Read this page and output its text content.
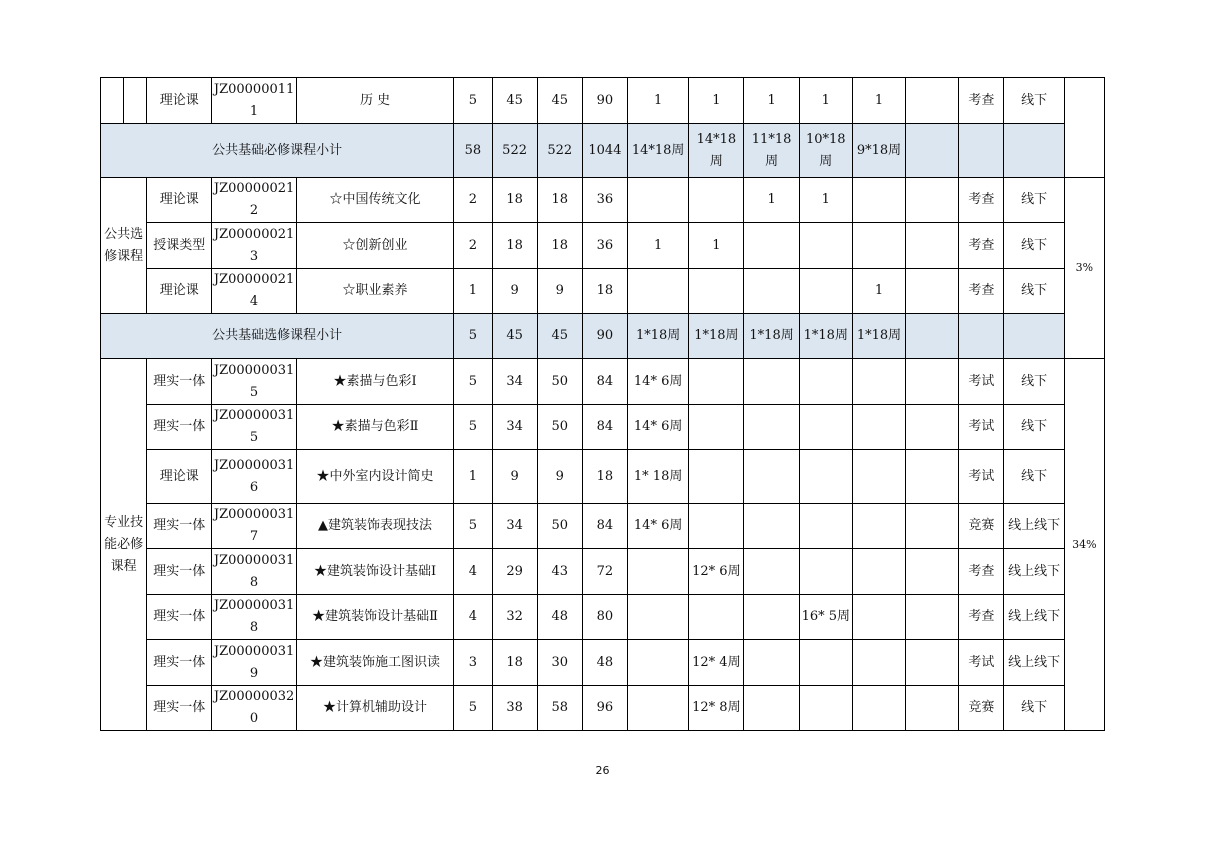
		理论课	JZ000000111	历 史	5	45	45	90	1	1	1	1	1		考查	线下	
公共基础必修课程小计					58	522	522	1044	14*18周	14*18周	11*18周	10*18周	9*18周				
公共选修课程		理论课	JZ000000212	☆中国传统文化	2	18	18	36			1	1			考查	线下	3%
		授课类型	JZ000000213	☆创新创业	2	18	18	36	1	1					考查	线下	
		理论课	JZ000000214	☆职业素养	1	9	9	18					1		考查	线下	
公共基础选修课程小计					5	45	45	90	1*18周	1*18周	1*18周	1*18周	1*18周				
专业技能必修课程		理实一体	JZ000000315	★素描与色彩Ⅰ	5	34	50	84	14* 6周						考试	线下	34%
		理实一体	JZ000000315	★素描与色彩Ⅱ	5	34	50	84	14* 6周						考试	线下	
		理论课	JZ000000316	★中外室内设计简史	1	9	9	18	1* 18周						考试	线下	
		理实一体	JZ000000317	▲建筑装饰表现技法	5	34	50	84	14* 6周						竞赛	线上线下	
		理实一体	JZ000000318	★建筑装饰设计基础Ⅰ	4	29	43	72		12* 6周					考查	线上线下	
		理实一体	JZ000000318	★建筑装饰设计基础Ⅱ	4	32	48	80				16* 5周			考查	线上线下	
		理实一体	JZ000000319	★建筑装饰施工图识读	3	18	30	48		12* 4周					考试	线上线下	
		理实一体	JZ000000320	★计算机辅助设计	5	38	58	96		12* 8周					竞赛	线下	
26
